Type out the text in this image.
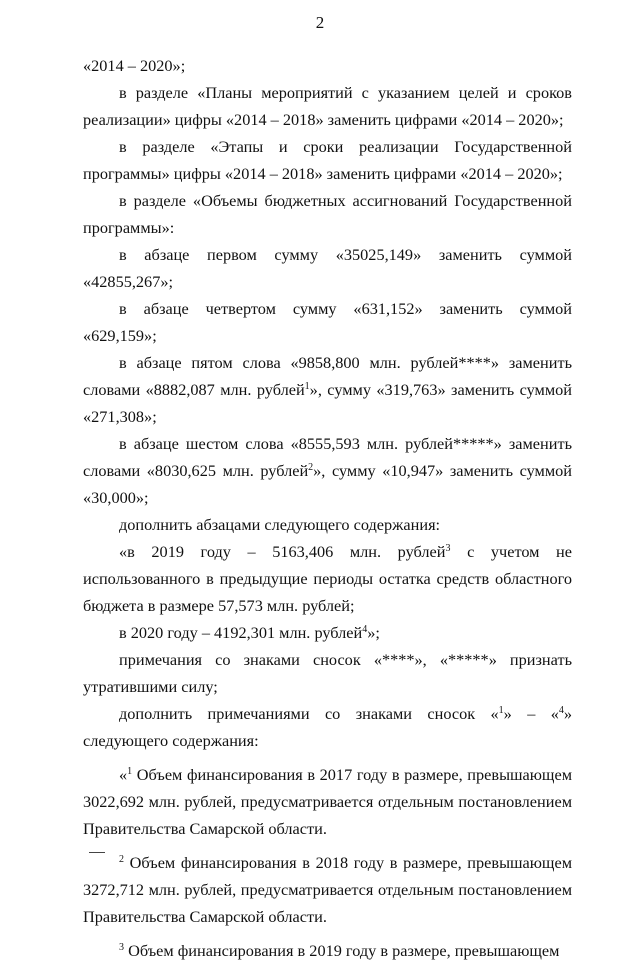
2

«2014 – 2020»;

в разделе «Планы мероприятий с указанием целей и сроков реализации» цифры «2014 – 2018» заменить цифрами «2014 – 2020»;

в разделе «Этапы и сроки реализации Государственной программы» цифры «2014 – 2018» заменить цифрами «2014 – 2020»;

в разделе «Объемы бюджетных ассигнований Государственной программы»:

в абзаце первом сумму «35025,149» заменить суммой «42855,267»;

в абзаце четвертом сумму «631,152» заменить суммой «629,159»;

в абзаце пятом слова «9858,800 млн. рублей****» заменить словами «8882,087 млн. рублей$^1$», сумму «319,763» заменить суммой «271,308»;

в абзаце шестом слова «8555,593 млн. рублей*****» заменить словами «8030,625 млн. рублей$^2$», сумму «10,947» заменить суммой «30,000»;

дополнить абзацами следующего содержания:

«в 2019 году – 5163,406 млн. рублей$^3$ с учетом не использованного в предыдущие периоды остатка средств областного бюджета в размере 57,573 млн. рублей;

в 2020 году – 4192,301 млн. рублей$^4$»;

примечания со знаками сносок «****», «*****» признать утратившими силу;

дополнить примечаниями со знаками сносок «$^1$» – «$^4$» следующего содержания:

«$^1$ Объем финансирования в 2017 году в размере, превышающем 3022,692 млн. рублей, предусматривается отдельным постановлением Правительства Самарской области.

$^2$ Объем финансирования в 2018 году в размере, превышающем 3272,712 млн. рублей, предусматривается отдельным постановлением Правительства Самарской области.

$^3$ Объем финансирования в 2019 году в размере, превышающем
